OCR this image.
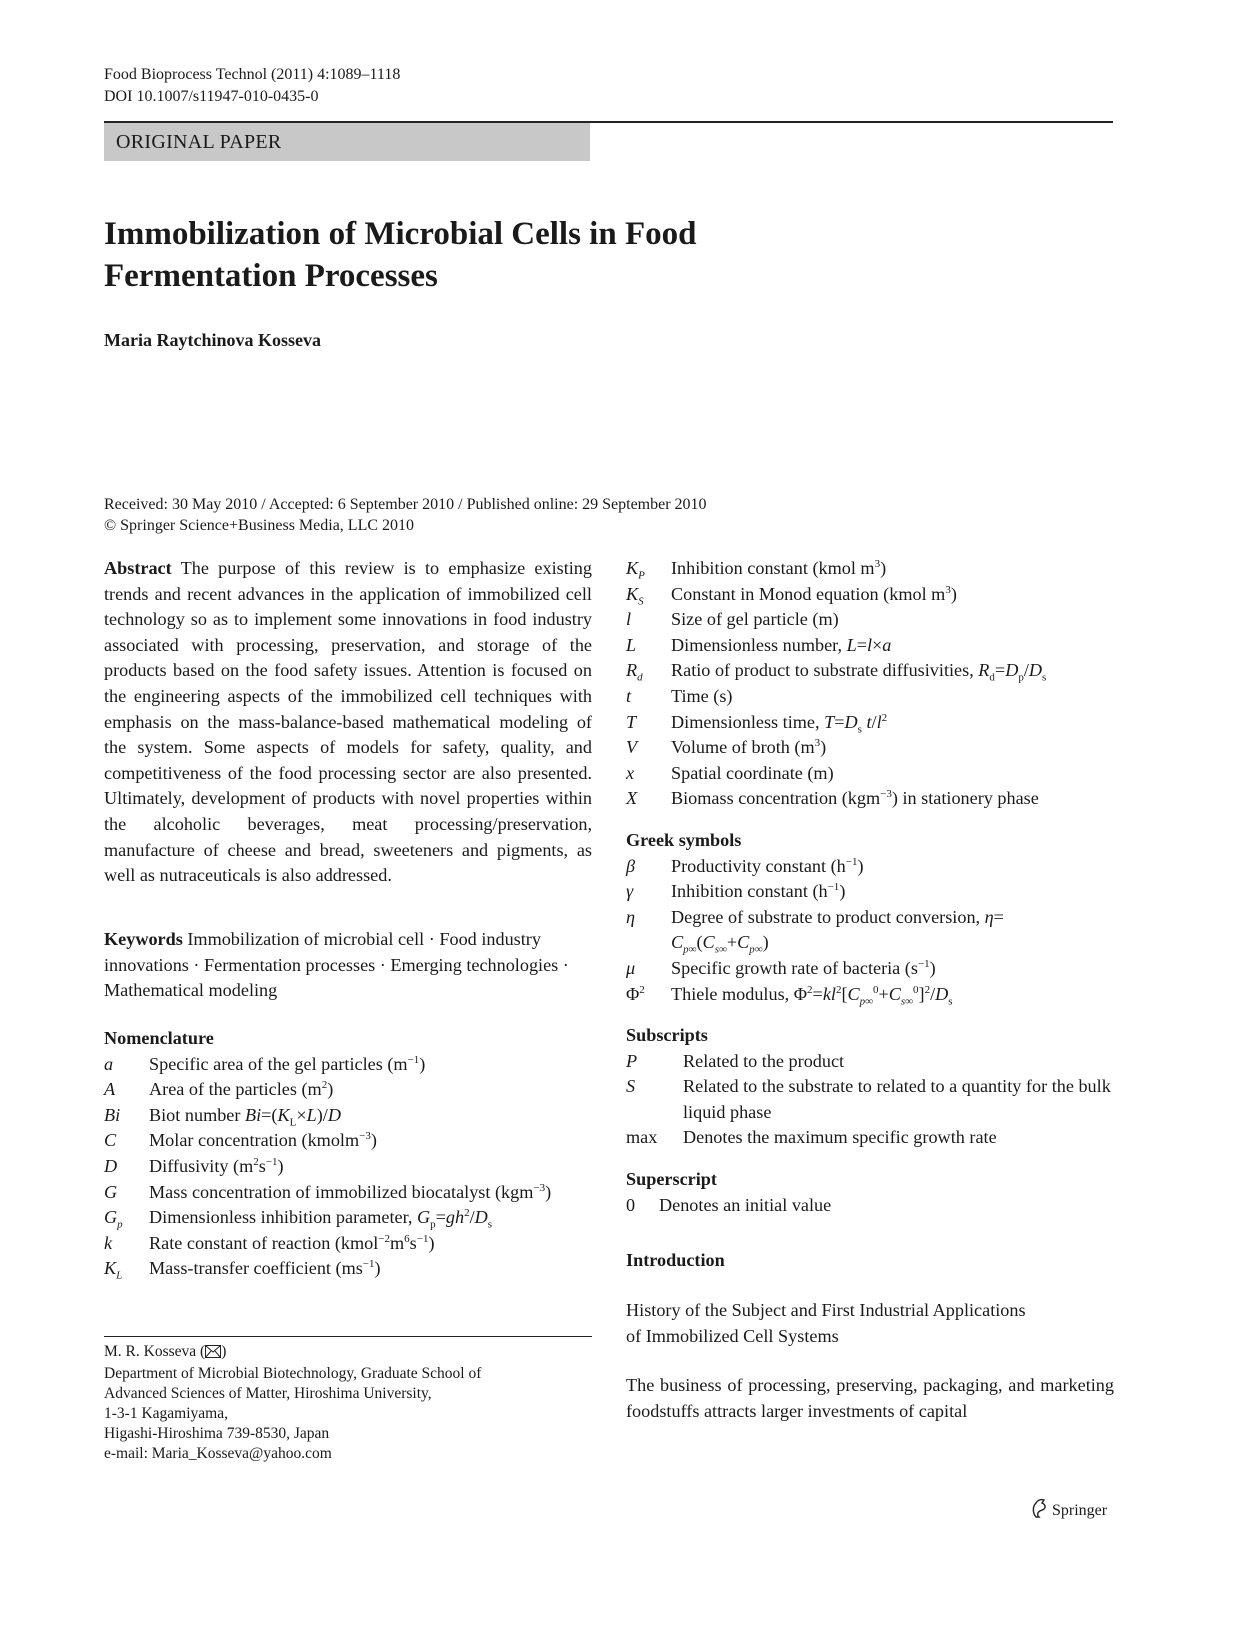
Food Bioprocess Technol (2011) 4:1089–1118
DOI 10.1007/s11947-010-0435-0
ORIGINAL PAPER
Immobilization of Microbial Cells in Food
Fermentation Processes
Maria Raytchinova Kosseva
Received: 30 May 2010 / Accepted: 6 September 2010 / Published online: 29 September 2010
© Springer Science+Business Media, LLC 2010
Abstract The purpose of this review is to emphasize existing trends and recent advances in the application of immobilized cell technology so as to implement some innovations in food industry associated with processing, preservation, and storage of the products based on the food safety issues. Attention is focused on the engineering aspects of the immobilized cell techniques with emphasis on the mass-balance-based mathematical modeling of the system. Some aspects of models for safety, quality, and competitiveness of the food processing sector are also presented. Ultimately, development of products with novel properties within the alcoholic beverages, meat processing/preservation, manufacture of cheese and bread, sweeteners and pigments, as well as nutraceuticals is also addressed.
Keywords Immobilization of microbial cell · Food industry innovations · Fermentation processes · Emerging technologies · Mathematical modeling
Nomenclature
a	Specific area of the gel particles $(m^{-1})$
A	Area of the particles $(m^2)$
Bi	Biot number $Bi=(K_L\times L)/D$
C	Molar concentration (kmolm$^{-3}$)
D	Diffusivity $(m^2s^{-1})$
G	Mass concentration of immobilized biocatalyst (kgm$^{-3}$)
$G_p$	Dimensionless inhibition parameter, $G_p=gh^2/D_s$
k	Rate constant of reaction $(kmol^{-2}m^6s^{-1})$
$K_L$	Mass-transfer coefficient $(ms^{-1})$
M. R. Kosseva ( )
Department of Microbial Biotechnology, Graduate School of
Advanced Sciences of Matter, Hiroshima University,
1-3-1 Kagamiyama,
Higashi-Hiroshima 739-8530, Japan
e-mail: Maria_Kosseva@yahoo.com
$K_P$	Inhibition constant (kmol $m^3$)
$K_S$	Constant in Monod equation (kmol $m^3$)
l	Size of gel particle (m)
L	Dimensionless number, L=l×a
$R_d$	Ratio of product to substrate diffusivities, $R_d=D_p/D_s$
t	Time (s)
T	Dimensionless time, $T=D_s$ $t/l^2$
V	Volume of broth $(m^3)$
x	Spatial coordinate (m)
X	Biomass concentration (kgm$^{-3}$) in stationery phase
Greek symbols
β	Productivity constant $(h^{-1})$
γ	Inhibition constant $(h^{-1})$
η	Degree of substrate to product conversion, η=
$C_{p\infty}(C_{s\infty}+C_{p\infty})$
μ	Specific growth rate of bacteria $(s^{-1})$
$\Phi^2$	Thiele modulus, $\Phi^2=kl^2[C_{p\infty}^0+C_{s\infty}^0]^2/D_s$
Subscripts
P	Related to the product
S	Related to the substrate to related to a quantity for the bulk liquid phase
max	Denotes the maximum specific growth rate
Superscript
0	Denotes an initial value
Introduction
History of the Subject and First Industrial Applications
of Immobilized Cell Systems
The business of processing, preserving, packaging, and marketing foodstuffs attracts larger investments of capital
Springer
